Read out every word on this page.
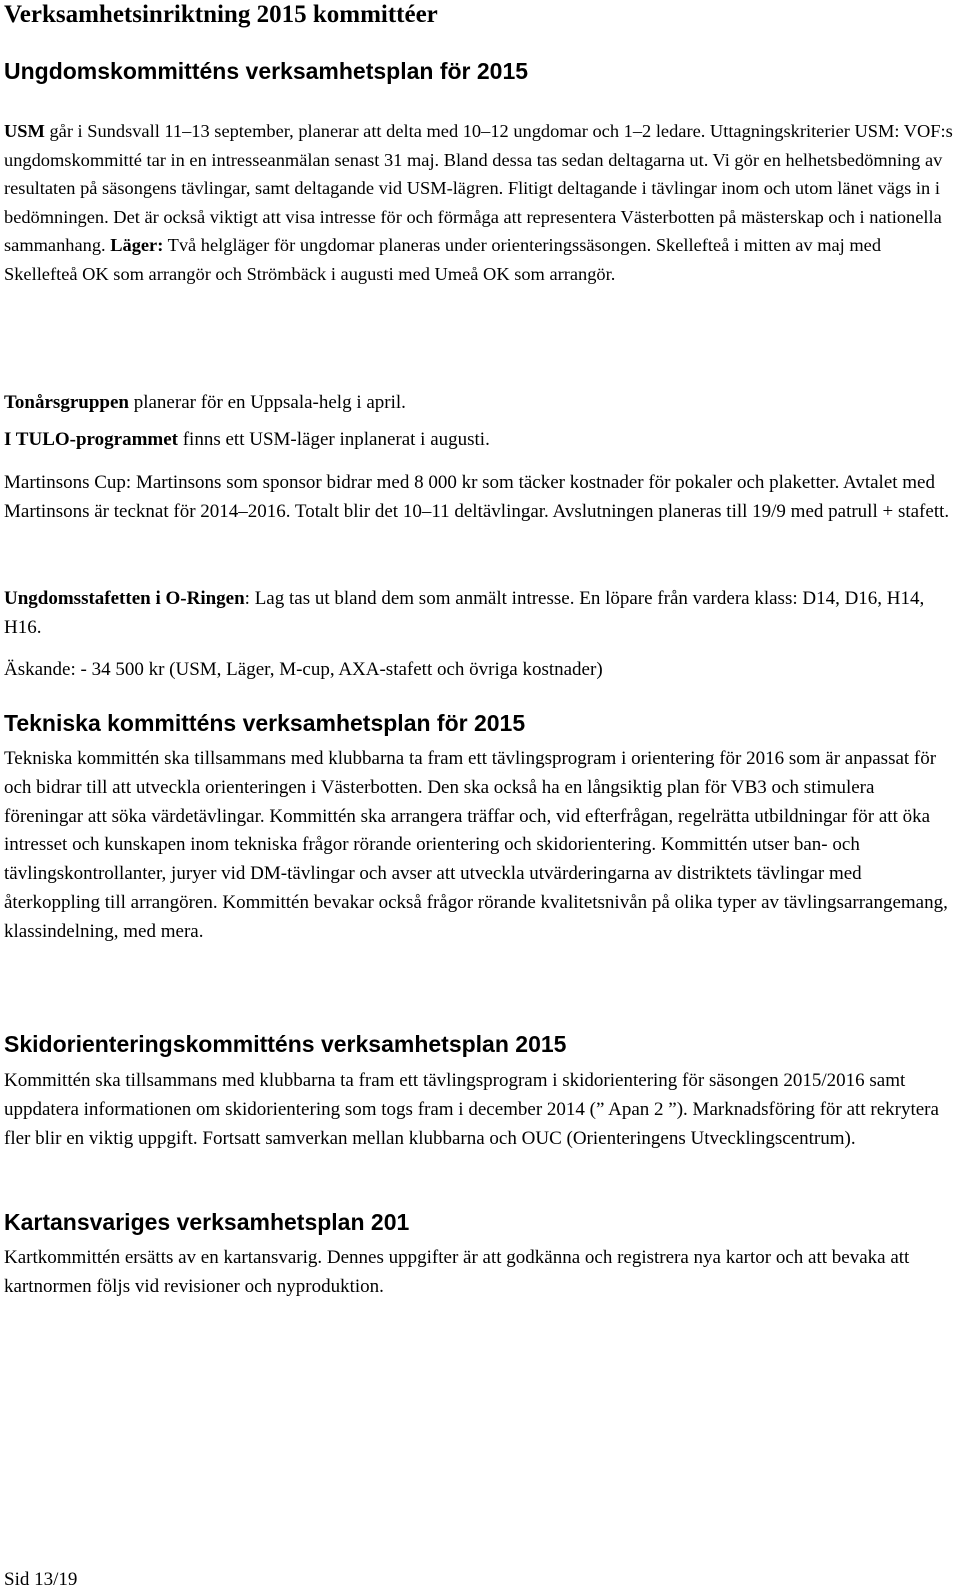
Verksamhetsinriktning 2015 kommittéer
Ungdomskommitténs verksamhetsplan för 2015

USM går i Sundsvall 11–13 september, planerar att delta med 10–12 ungdomar och 1–2 ledare. Uttagningskriterier USM: VOF:s ungdomskommitté tar in en intresseanmälan senast 31 maj. Bland dessa tas sedan deltagarna ut. Vi gör en helhetsbedömning av resultaten på säsongens tävlingar, samt deltagande vid USM-lägren. Flitigt deltagande i tävlingar inom och utom länet vägs in i bedömningen. Det är också viktigt att visa intresse för och förmåga att representera Västerbotten på mästerskap och i nationella sammanhang. Läger: Två helgläger för ungdomar planeras under orienteringssäsongen. Skellefteå i mitten av maj med Skellefteå OK som arrangör och Strömbäck i augusti med Umeå OK som arrangör.

Tonårsgruppen planerar för en Uppsala-helg i april.

I TULO-programmet finns ett USM-läger inplanerat i augusti.

Martinsons Cup: Martinsons som sponsor bidrar med 8 000 kr som täcker kostnader för pokaler och plaketter. Avtalet med Martinsons är tecknat för 2014–2016. Totalt blir det 10–11 deltävlingar. Avslutningen planeras till 19/9 med patrull + stafett.

Ungdomsstafetten i O-Ringen: Lag tas ut bland dem som anmält intresse. En löpare från vardera klass: D14, D16, H14, H16.

Äskande: - 34 500 kr (USM, Läger, M-cup, AXA-stafett och övriga kostnader)

Tekniska kommitténs verksamhetsplan för 2015

Tekniska kommittén ska tillsammans med klubbarna ta fram ett tävlingsprogram i orientering för 2016 som är anpassat för och bidrar till att utveckla orienteringen i Västerbotten. Den ska också ha en långsiktig plan för VB3 och stimulera föreningar att söka värdetävlingar. Kommittén ska arrangera träffar och, vid efterfrågan, regelrätta utbildningar för att öka intresset och kunskapen inom tekniska frågor rörande orientering och skidorientering. Kommittén utser ban- och tävlingskontrollanter, juryer vid DM-tävlingar och avser att utveckla utvärderingarna av distriktets tävlingar med återkoppling till arrangören. Kommittén bevakar också frågor rörande kvalitetsnivån på olika typer av tävlingsarrangemang, klassindelning, med mera.

Skidorienteringskommitténs verksamhetsplan 2015

Kommittén ska tillsammans med klubbarna ta fram ett tävlingsprogram i skidorientering för säsongen 2015/2016 samt uppdatera informationen om skidorientering som togs fram i december 2014 (” Apan 2 ”). Marknadsföring för att rekrytera fler blir en viktig uppgift. Fortsatt samverkan mellan klubbarna och OUC (Orienteringens Utvecklingscentrum).

Kartansvariges verksamhetsplan 201

Kartkommittén ersätts av en kartansvarig. Dennes uppgifter är att godkänna och registrera nya kartor och att bevaka att kartnormen följs vid revisioner och nyproduktion.

Sid 13/19
